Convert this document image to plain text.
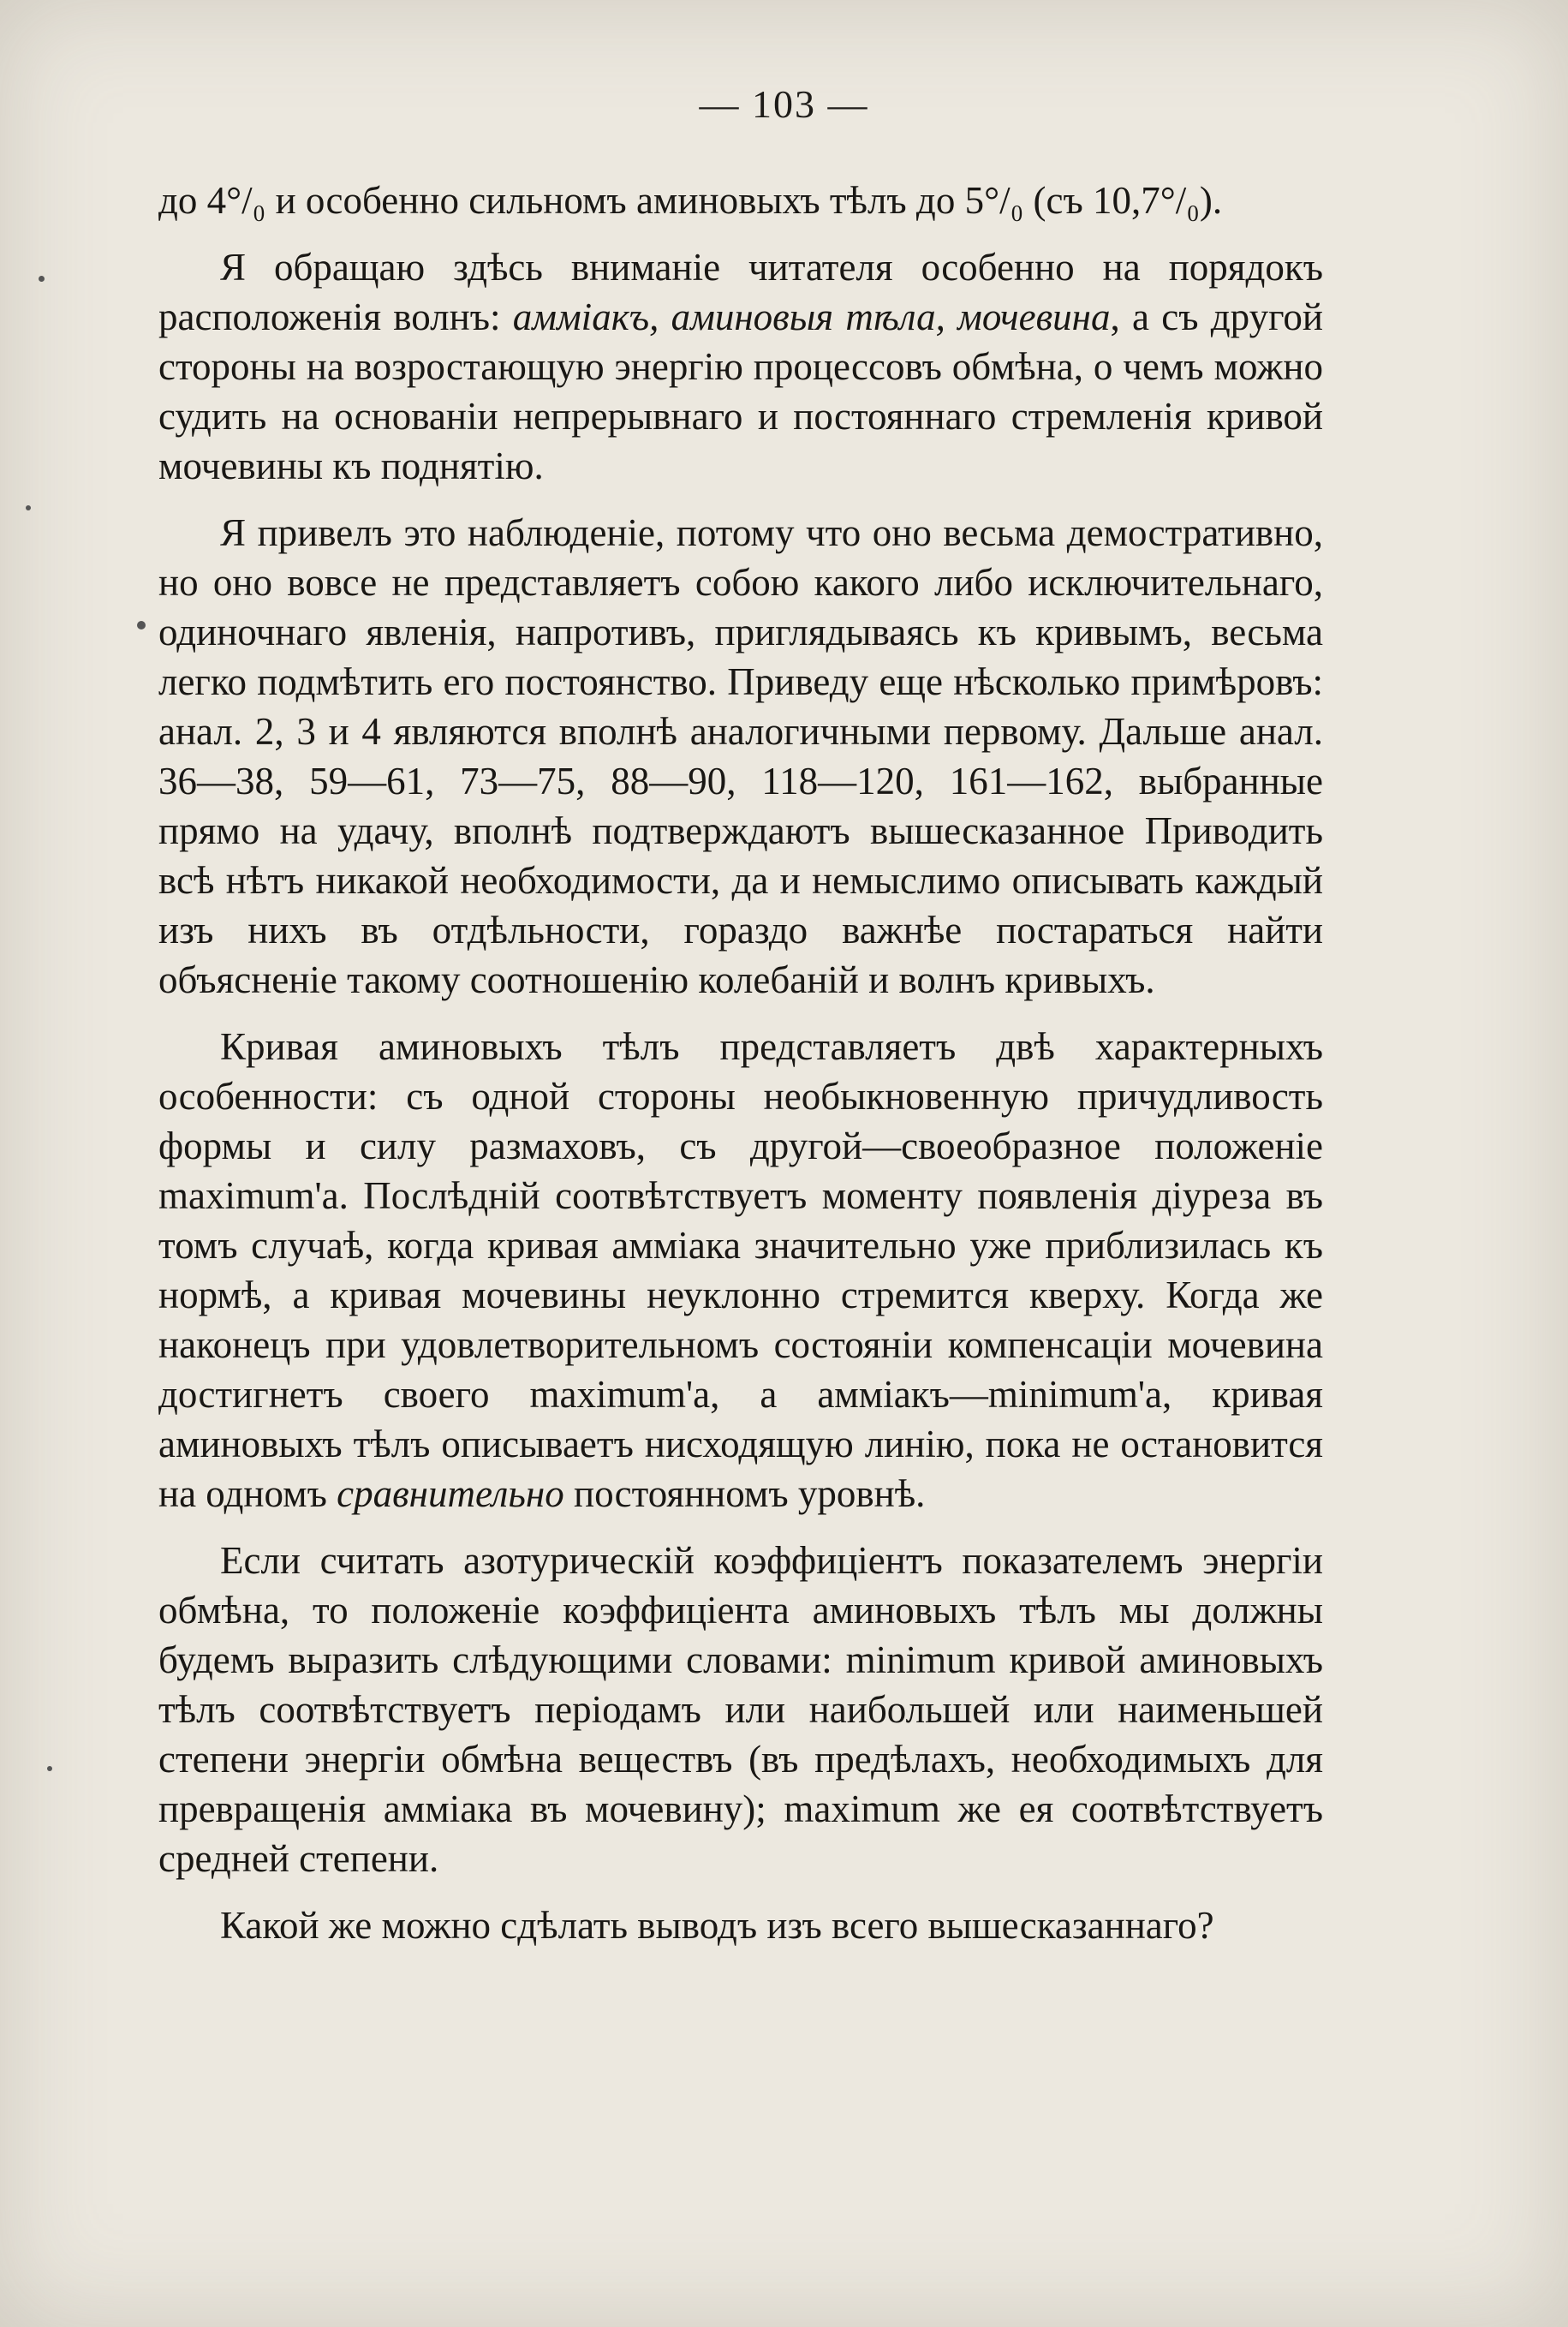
— 103 —

до 4°/₀ и особенно сильномъ аминовыхъ тѣлъ до 5°/₀ (съ 10,7°/₀).

Я обращаю здѣсь вниманіе читателя особенно на порядокъ расположенія волнъ: амміакъ, аминовыя тѣла, мочевина, а съ другой стороны на возростающую энергію процессовъ обмѣна, о чемъ можно судить на основаніи непрерывнаго и постояннаго стремленія кривой мочевины къ поднятію.

Я привелъ это наблюденіе, потому что оно весьма демостративно, но оно вовсе не представляетъ собою какого либо исключительнаго, одиночнаго явленія, напротивъ, приглядываясь къ кривымъ, весьма легко подмѣтить его постоянство. Приведу еще нѣсколько примѣровъ: анал. 2, 3 и 4 являются вполнѣ аналогичными первому. Дальше анал. 36—38, 59—61, 73—75, 88—90, 118—120, 161—162, выбранные прямо на удачу, вполнѣ подтверждаютъ вышесказанное Приводить всѣ нѣтъ никакой необходимости, да и немыслимо описывать каждый изъ нихъ въ отдѣльности, гораздо важнѣе постараться найти объясненіе такому соотношенію колебаній и волнъ кривыхъ.

Кривая аминовыхъ тѣлъ представляетъ двѣ характерныхъ особенности: съ одной стороны необыкновенную причудливость формы и силу размаховъ, съ другой—своеобразное положеніе maximum'а. Послѣдній соотвѣтствуетъ моменту появленія діуреза въ томъ случаѣ, когда кривая амміака значительно уже приблизилась къ нормѣ, а кривая мочевины неуклонно стремится кверху. Когда же наконецъ при удовлетворительномъ состояніи компенсаціи мочевина достигнетъ своего maximum'а, а амміакъ—minimum'а, кривая аминовыхъ тѣлъ описываетъ нисходящую линію, пока не остановится на одномъ сравнительно постоянномъ уровнѣ.

Если считать азотурическій коэффиціентъ показателемъ энергіи обмѣна, то положеніе коэффиціента аминовыхъ тѣлъ мы должны будемъ выразить слѣдующими словами: minimum кривой аминовыхъ тѣлъ соотвѣтствуетъ періодамъ или наибольшей или наименьшей степени энергіи обмѣна веществъ (въ предѣлахъ, необходимыхъ для превращенія амміака въ мочевину); maximum же ея соотвѣтствуетъ средней степени.

Какой же можно сдѣлать выводъ изъ всего вышесказаннаго?
